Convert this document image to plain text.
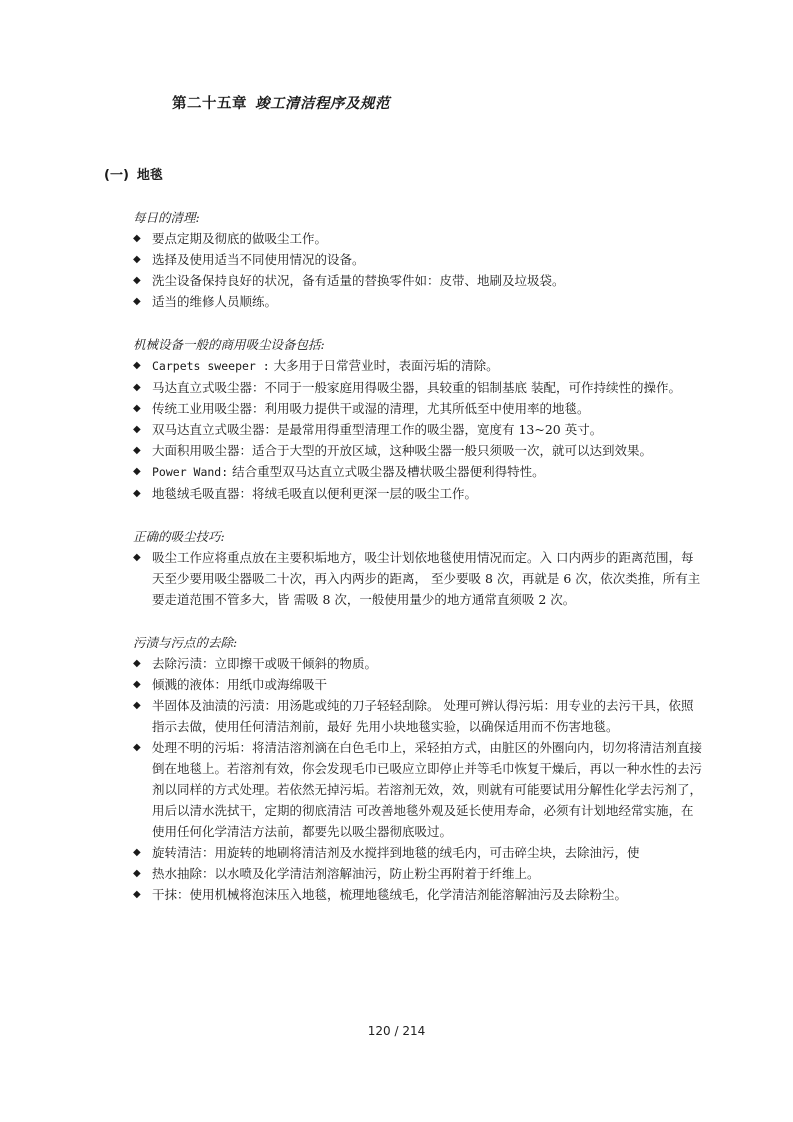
第二十五章 竣工清洁程序及规范
(一) 地毯

每日的清理:

◆ 要点定期及彻底的做吸尘工作。
◆ 选择及使用适当不同使用情况的设备。
◆ 洗尘设备保持良好的状况，备有适量的替换零件如：皮带、地刷及垃圾袋。
◆ 适当的维修人员顺练。

机械设备一般的商用吸尘设备包括:

◆ Carpets sweeper : 大多用于日常营业时，表面污垢的清除。
◆ 马达直立式吸尘器：不同于一般家庭用得吸尘器，具较重的铝制基底 装配，可作持续性的操作。
◆ 传统工业用吸尘器：利用吸力提供干或湿的清理，尤其所低至中使用率的地毯。
◆ 双马达直立式吸尘器：是最常用得重型清理工作的吸尘器，宽度有 13~20 英寸。
◆ 大面积用吸尘器：适合于大型的开放区域，这种吸尘器一般只须吸一次，就可以达到效果。
◆ Power Wand: 结合重型双马达直立式吸尘器及槽状吸尘器便利得特性。
◆ 地毯绒毛吸直器：将绒毛吸直以便利更深一层的吸尘工作。

正确的吸尘技巧:

◆ 吸尘工作应将重点放在主要积垢地方，吸尘计划依地毯使用情况而定。入 口内两步的距离范围，每天至少要用吸尘器吸二十次，再入内两步的距离， 至少要吸 8 次，再就是 6 次，依次类推，所有主要走道范围不管多大，皆 需吸 8 次，一般使用量少的地方通常直须吸 2 次。

污渍与污点的去除:

◆ 去除污渍：立即擦干或吸干倾斜的物质。
◆ 倾溅的液体：用纸巾或海绵吸干
◆ 半固体及油渍的污渍：用汤匙或纯的刀子轻轻刮除。 处理可辨认得污垢：用专业的去污干具，依照指示去做，使用任何清洁剂前，最好 先用小块地毯实验，以确保适用而不伤害地毯。
◆ 处理不明的污垢：将清洁溶剂滴在白色毛巾上，采轻拍方式，由脏区的外圈向内，切勿将清洁剂直接倒在地毯上。若溶剂有效，你会发现毛巾已吸应立即停止并等毛巾恢复干燥后，再以一种水性的去污剂以同样的方式处理。若依然无掉污垢。若溶剂无效，效，则就有可能要试用分解性化学去污剂了，用后以清水洗拭干，定期的彻底清洁 可改善地毯外观及延长使用寿命，必须有计划地经常实施，在使用任何化学清洁方法前，都要先以吸尘器彻底吸过。
◆ 旋转清洁：用旋转的地刷将清洁剂及水搅拌到地毯的绒毛内，可击碎尘块，去除油污，使
◆ 热水抽除：以水喷及化学清洁剂溶解油污，防止粉尘再附着于纤维上。
◆ 干抹：使用机械将泡沫压入地毯，梳理地毯绒毛，化学清洁剂能溶解油污及去除粉尘。
120 / 214
